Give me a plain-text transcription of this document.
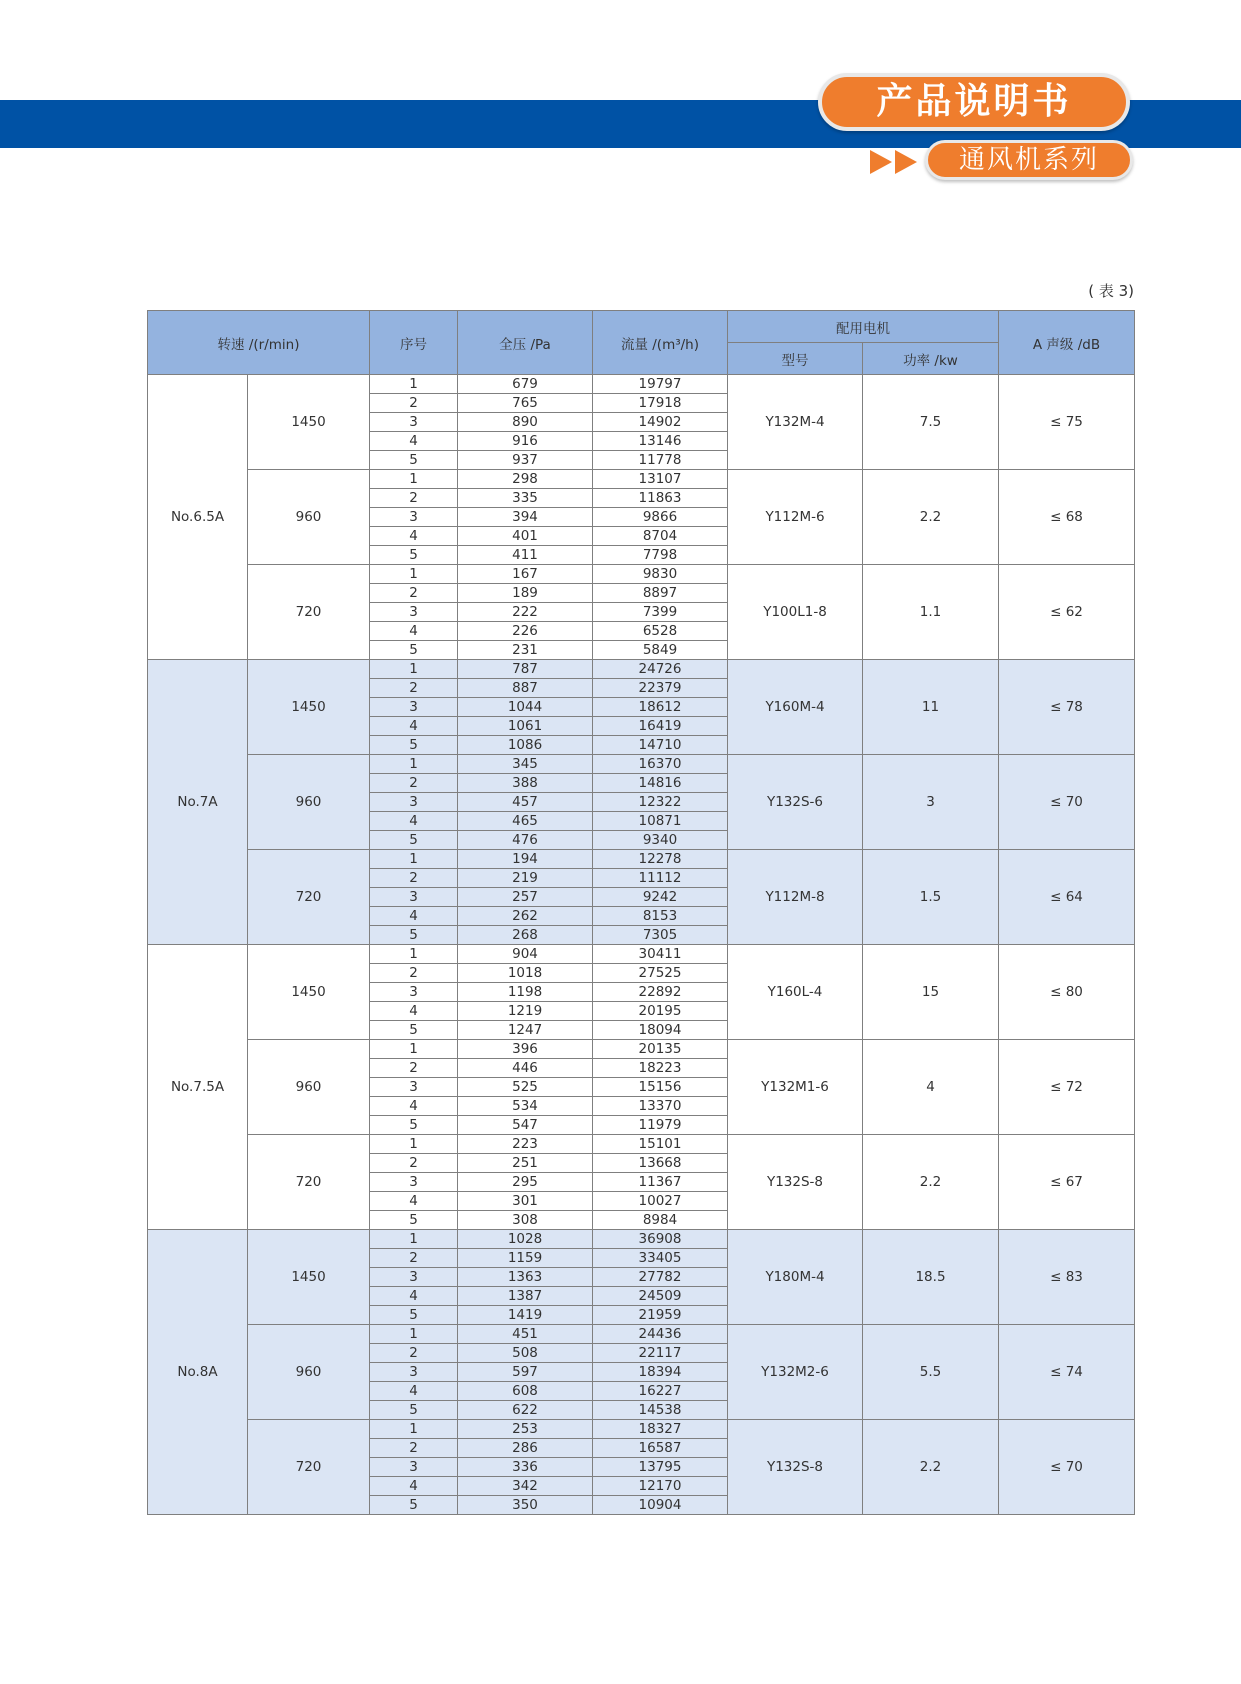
产品说明书
通风机系列
( 表 3)
转速 /(r/min)		序号	全压 /Pa	流量 /(m³/h)	配用电机		A 声级 /dB
					型号	功率 /kw	
No.6.5A	1450	1	679	19797	Y132M-4	7.5	≤ 75
		2	765	17918			
		3	890	14902			
		4	916	13146			
		5	937	11778			
	960	1	298	13107	Y112M-6	2.2	≤ 68
		2	335	11863			
		3	394	9866			
		4	401	8704			
		5	411	7798			
	720	1	167	9830	Y100L1-8	1.1	≤ 62
		2	189	8897			
		3	222	7399			
		4	226	6528			
		5	231	5849			
No.7A	1450	1	787	24726	Y160M-4	11	≤ 78
		2	887	22379			
		3	1044	18612			
		4	1061	16419			
		5	1086	14710			
	960	1	345	16370	Y132S-6	3	≤ 70
		2	388	14816			
		3	457	12322			
		4	465	10871			
		5	476	9340			
	720	1	194	12278	Y112M-8	1.5	≤ 64
		2	219	11112			
		3	257	9242			
		4	262	8153			
		5	268	7305			
No.7.5A	1450	1	904	30411	Y160L-4	15	≤ 80
		2	1018	27525			
		3	1198	22892			
		4	1219	20195			
		5	1247	18094			
	960	1	396	20135	Y132M1-6	4	≤ 72
		2	446	18223			
		3	525	15156			
		4	534	13370			
		5	547	11979			
	720	1	223	15101	Y132S-8	2.2	≤ 67
		2	251	13668			
		3	295	11367			
		4	301	10027			
		5	308	8984			
No.8A	1450	1	1028	36908	Y180M-4	18.5	≤ 83
		2	1159	33405			
		3	1363	27782			
		4	1387	24509			
		5	1419	21959			
	960	1	451	24436	Y132M2-6	5.5	≤ 74
		2	508	22117			
		3	597	18394			
		4	608	16227			
		5	622	14538			
	720	1	253	18327	Y132S-8	2.2	≤ 70
		2	286	16587			
		3	336	13795			
		4	342	12170			
		5	350	10904			
